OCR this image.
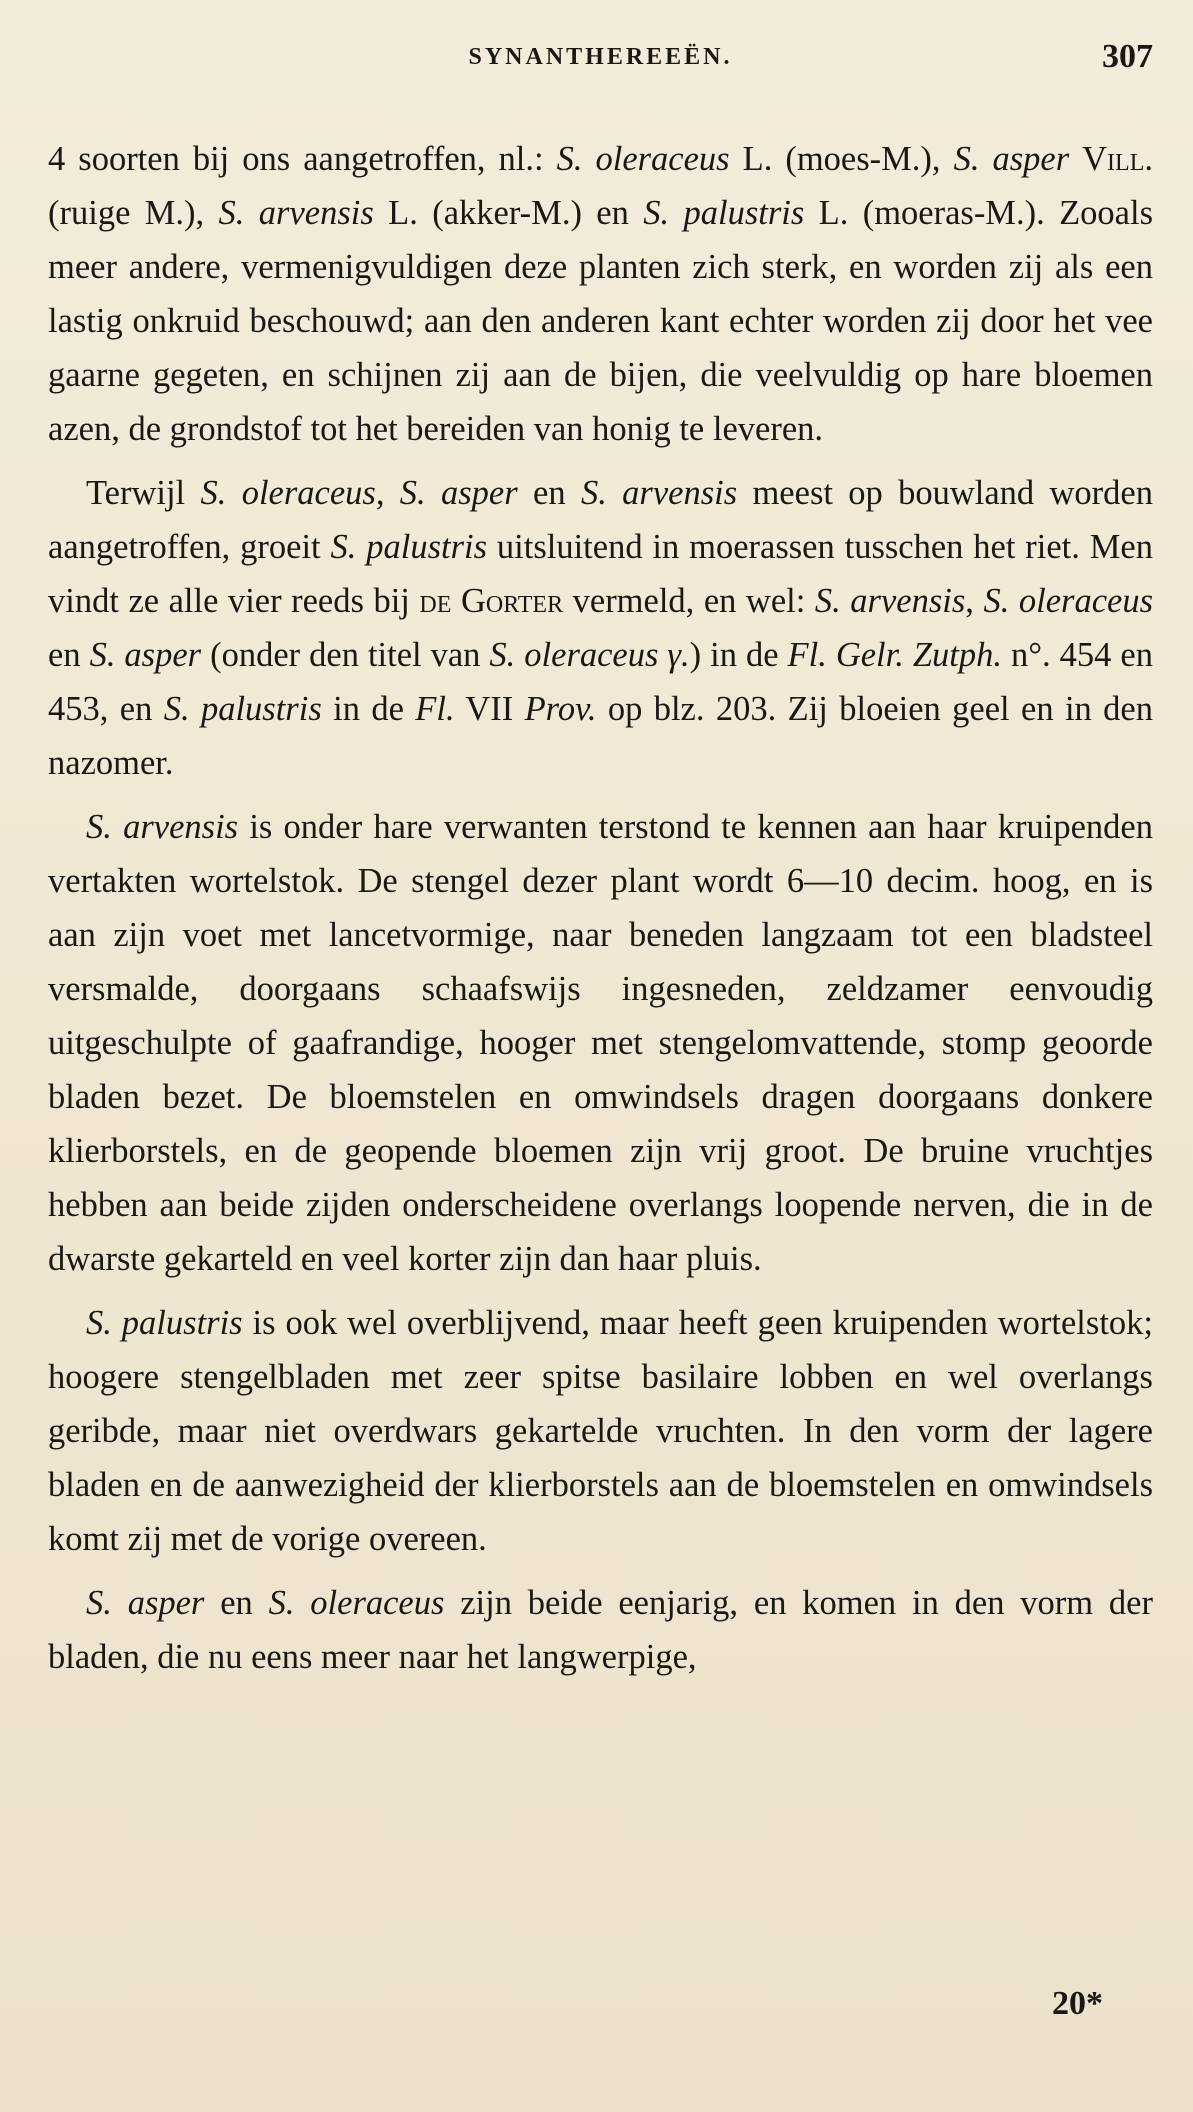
SYNANTHEREEËN.	307

4 soorten bij ons aangetroffen, nl.: S. oleraceus L. (moes-M.), S. asper Vill. (ruige M.), S. arvensis L. (akker-M.) en S. palustris L. (moeras-M.). Zooals meer andere, vermenigvuldigen deze planten zich sterk, en worden zij als een lastig onkruid beschouwd; aan den anderen kant echter worden zij door het vee gaarne gegeten, en schijnen zij aan de bijen, die veelvuldig op hare bloemen azen, de grondstof tot het bereiden van honig te leveren.

Terwijl S. oleraceus, S. asper en S. arvensis meest op bouwland worden aangetroffen, groeit S. palustris uitsluitend in moerassen tusschen het riet. Men vindt ze alle vier reeds bij de Gorter vermeld, en wel: S. arvensis, S. oleraceus en S. asper (onder den titel van S. oleraceus γ.) in de Fl. Gelr. Zutph. n°. 454 en 453, en S. palustris in de Fl. VII Prov. op blz. 203. Zij bloeien geel en in den nazomer.

S. arvensis is onder hare verwanten terstond te kennen aan haar kruipenden vertakten wortelstok. De stengel dezer plant wordt 6—10 decim. hoog, en is aan zijn voet met lancetvormige, naar beneden langzaam tot een bladsteel versmalde, doorgaans schaafswijs ingesneden, zeldzamer eenvoudig uitgeschulpte of gaafrandige, hooger met stengelomvattende, stomp geoorde bladen bezet. De bloemstelen en omwindsels dragen doorgaans donkere klierborstels, en de geopende bloemen zijn vrij groot. De bruine vruchtjes hebben aan beide zijden onderscheidene overlangs loopende nerven, die in de dwarste gekarteld en veel korter zijn dan haar pluis.

S. palustris is ook wel overblijvend, maar heeft geen kruipenden wortelstok; hoogere stengelbladen met zeer spitse basilaire lobben en wel overlangs geribde, maar niet overdwars gekartelde vruchten. In den vorm der lagere bladen en de aanwezigheid der klierborstels aan de bloemstelen en omwindsels komt zij met de vorige overeen.

S. asper en S. oleraceus zijn beide eenjarig, en komen in den vorm der bladen, die nu eens meer naar het langwerpige,

20*
